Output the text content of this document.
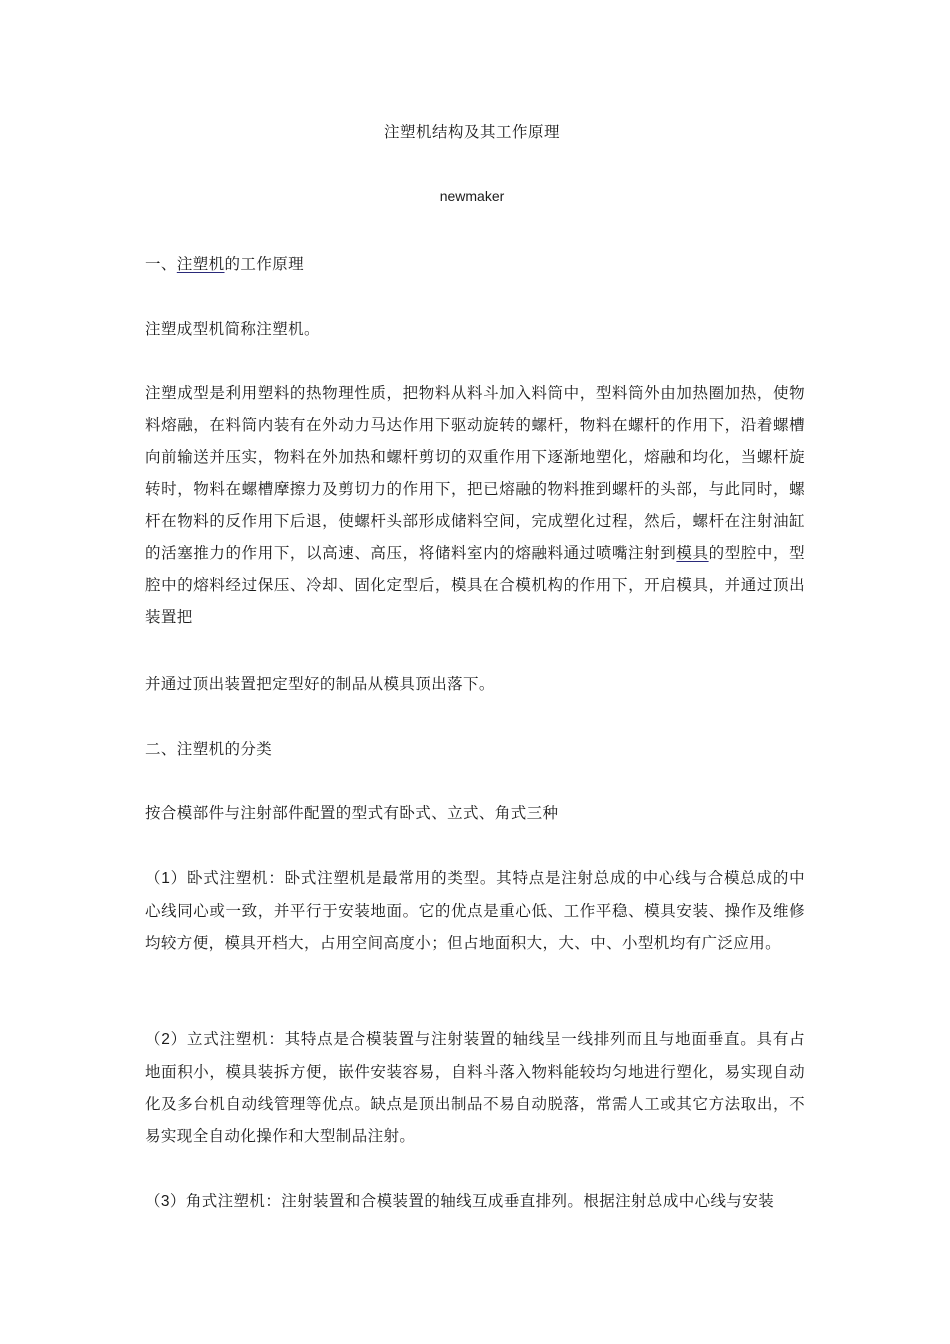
注塑机结构及其工作原理
newmaker

一、注塑机的工作原理

注塑成型机简称注塑机。

注塑成型是利用塑料的热物理性质，把物料从料斗加入料筒中，型料筒外由加热圈加热，使物料熔融，在料筒内装有在外动力马达作用下驱动旋转的螺杆，物料在螺杆的作用下，沿着螺槽向前输送并压实，物料在外加热和螺杆剪切的双重作用下逐渐地塑化，熔融和均化，当螺杆旋转时，物料在螺槽摩擦力及剪切力的作用下，把已熔融的物料推到螺杆的头部，与此同时，螺杆在物料的反作用下后退，使螺杆头部形成储料空间，完成塑化过程，然后，螺杆在注射油缸的活塞推力的作用下，以高速、高压，将储料室内的熔融料通过喷嘴注射到模具的型腔中，型腔中的熔料经过保压、冷却、固化定型后，模具在合模机构的作用下，开启模具，并通过顶出装置把

并通过顶出装置把定型好的制品从模具顶出落下。

二、注塑机的分类

按合模部件与注射部件配置的型式有卧式、立式、角式三种

（1）卧式注塑机：卧式注塑机是最常用的类型。其特点是注射总成的中心线与合模总成的中心线同心或一致，并平行于安装地面。它的优点是重心低、工作平稳、模具安装、操作及维修均较方便，模具开档大，占用空间高度小；但占地面积大，大、中、小型机均有广泛应用。

（2）立式注塑机：其特点是合模装置与注射装置的轴线呈一线排列而且与地面垂直。具有占地面积小，模具装拆方便，嵌件安装容易，自料斗落入物料能较均匀地进行塑化，易实现自动化及多台机自动线管理等优点。缺点是顶出制品不易自动脱落，常需人工或其它方法取出，不易实现全自动化操作和大型制品注射。

（3）角式注塑机：注射装置和合模装置的轴线互成垂直排列。根据注射总成中心线与安装
